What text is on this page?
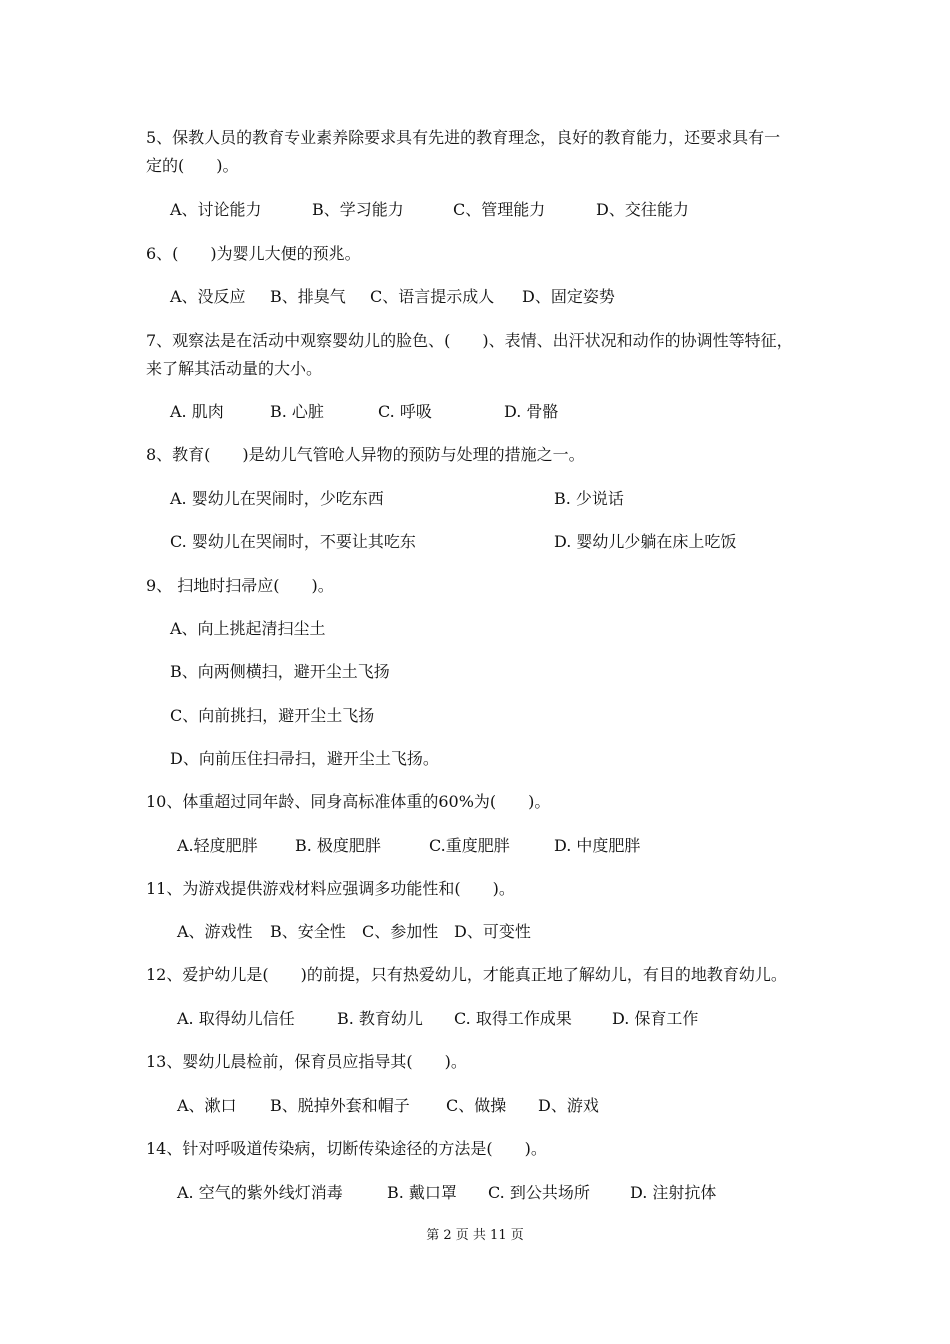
5、保教人员的教育专业素养除要求具有先进的教育理念，良好的教育能力，还要求具有一
定的(　　)。
A、讨论能力	B、学习能力	C、管理能力	D、交往能力
6、(　　)为婴儿大便的预兆。
A、没反应 B、排臭气 C、语言提示成人 D、固定姿势
7、观察法是在活动中观察婴幼儿的脸色、(　　)、表情、出汗状况和动作的协调性等特征，
来了解其活动量的大小。
A. 肌肉	B. 心脏	C. 呼吸	D. 骨骼
8、教育(　　)是幼儿气管呛人异物的预防与处理的措施之一。
A. 婴幼儿在哭闹时，少吃东西	B. 少说话
C. 婴幼儿在哭闹时，不要让其吃东	D. 婴幼儿少躺在床上吃饭
9、 扫地时扫帚应(　　)。
A、向上挑起清扫尘土
B、向两侧横扫，避开尘土飞扬
C、向前挑扫，避开尘土飞扬
D、向前压住扫帚扫，避开尘土飞扬。
10、体重超过同年龄、同身高标准体重的60%为(　　)。
A.轻度肥胖 B. 极度肥胖	C.重度肥胖	D. 中度肥胖
11、为游戏提供游戏材料应强调多功能性和(　　)。
A、游戏性 B、安全性 C、参加性 D、可变性
12、爱护幼儿是(　　)的前提，只有热爱幼儿，才能真正地了解幼儿，有目的地教育幼儿。
A. 取得幼儿信任	B. 教育幼儿 C. 取得工作成果	D. 保育工作
13、婴幼儿晨检前，保育员应指导其(　　)。
A、漱口 B、脱掉外套和帽子 C、做操 D、游戏
14、针对呼吸道传染病，切断传染途径的方法是(　　)。
A. 空气的紫外线灯消毒	B. 戴口罩 C. 到公共场所	D. 注射抗体
第 2 页 共 11 页
